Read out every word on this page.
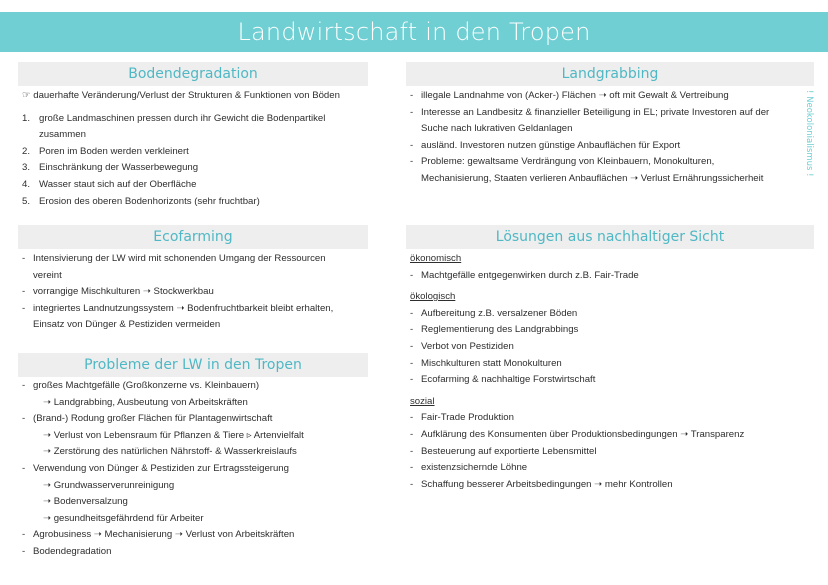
Landwirtschaft in den Tropen
Bodendegradation
☞ dauerhafte Veränderung/Verlust der Strukturen & Funktionen von Böden
1. große Landmaschinen pressen durch ihr Gewicht die Bodenpartikel
zusammen
2. Poren im Boden werden verkleinert
3. Einschränkung der Wasserbewegung
4. Wasser staut sich auf der Oberfläche
5. Erosion des oberen Bodenhorizonts (sehr fruchtbar)
Ecofarming
- Intensivierung der LW wird mit schonenden Umgang der Ressourcen
vereint
- vorrangige Mischkulturen ➝ Stockwerkbau
- integriertes Landnutzungssystem ➝ Bodenfruchtbarkeit bleibt erhalten,
Einsatz von Dünger & Pestiziden vermeiden
Probleme der LW in den Tropen
- großes Machtgefälle (Großkonzerne vs. Kleinbauern)
➝ Landgrabbing, Ausbeutung von Arbeitskräften
- (Brand-) Rodung großer Flächen für Plantagenwirtschaft
➝ Verlust von Lebensraum für Pflanzen & Tiere ▹ Artenvielfalt
➝ Zerstörung des natürlichen Nährstoff- & Wasserkreislaufs
- Verwendung von Dünger & Pestiziden zur Ertragssteigerung
➝ Grundwasserverunreinigung
➝ Bodenversalzung
➝ gesundheitsgefährdend für Arbeiter
- Agrobusiness ➝ Mechanisierung ➝ Verlust von Arbeitskräften
- Bodendegradation
Landgrabbing
- illegale Landnahme von (Acker-) Flächen ➝ oft mit Gewalt & Vertreibung
- Interesse an Landbesitz & finanzieller Beteiligung in EL; private Investoren auf der
Suche nach lukrativen Geldanlagen
- ausländ. Investoren nutzen günstige Anbauflächen für Export
- Probleme: gewaltsame Verdrängung von Kleinbauern, Monokulturen,
Mechanisierung, Staaten verlieren Anbauflächen ➝ Verlust Ernährungssicherheit
! Neokolonialismus !
Lösungen aus nachhaltiger Sicht
ökonomisch
- Machtgefälle entgegenwirken durch z.B. Fair-Trade
ökologisch
- Aufbereitung z.B. versalzener Böden
- Reglementierung des Landgrabbings
- Verbot von Pestiziden
- Mischkulturen statt Monokulturen
- Ecofarming & nachhaltige Forstwirtschaft
sozial
- Fair-Trade Produktion
- Aufklärung des Konsumenten über Produktionsbedingungen ➝ Transparenz
- Besteuerung auf exportierte Lebensmittel
- existenzsichernde Löhne
- Schaffung besserer Arbeitsbedingungen ➝ mehr Kontrollen
